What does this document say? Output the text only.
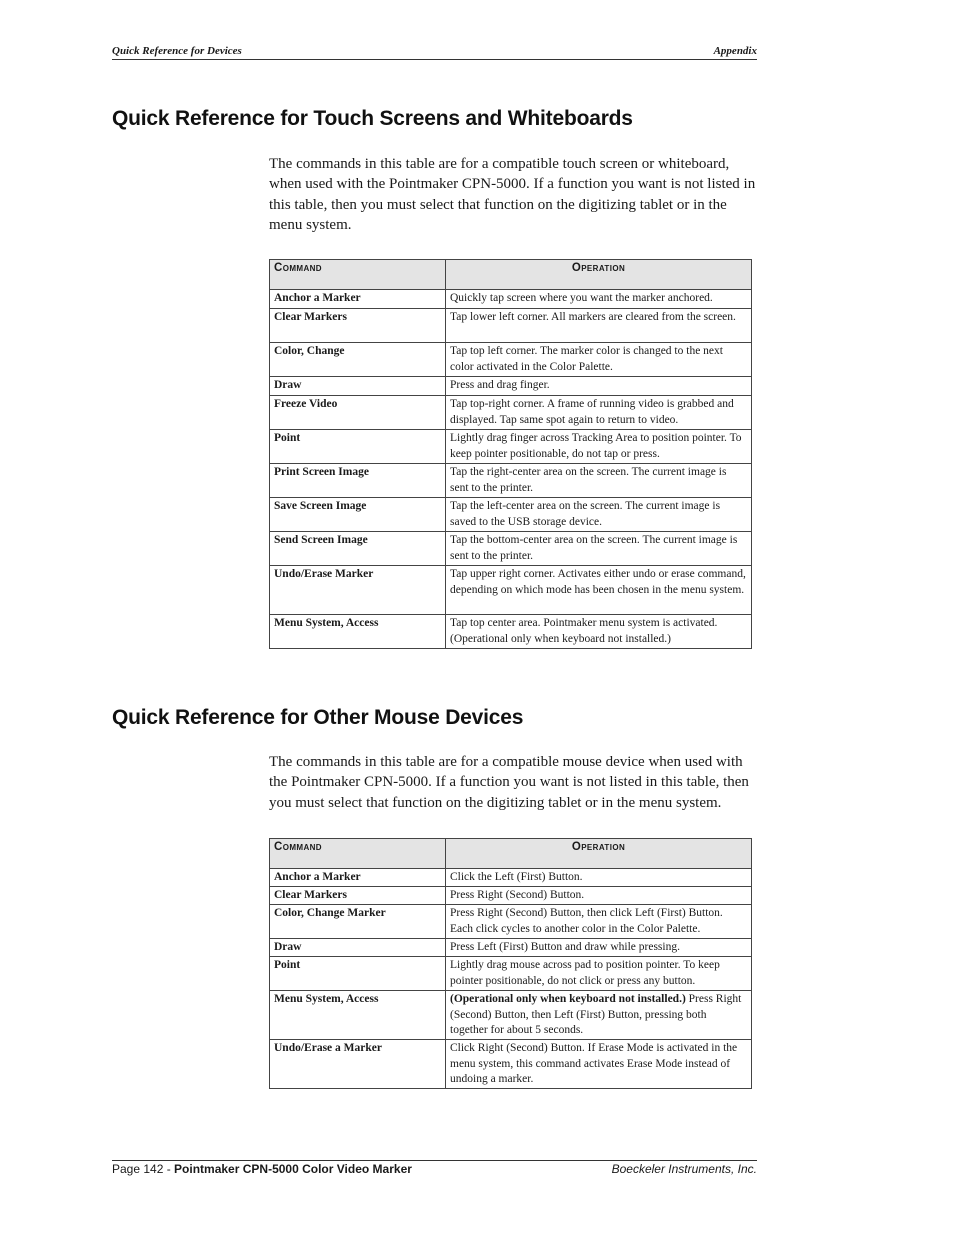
Quick Reference for Devices	Appendix
Quick Reference for Touch Screens and Whiteboards

The commands in this table are for a compatible touch screen or whiteboard, when used with the Pointmaker CPN-5000. If a function you want is not listed in this table, then you must select that function on the digitizing tablet or in the menu system.

Command	Operation
Anchor a Marker	Quickly tap screen where you want the marker anchored.
Clear Markers	Tap lower left corner. All markers are cleared from the screen.
Color, Change	Tap top left corner. The marker color is changed to the next color activated in the Color Palette.
Draw	Press and drag finger.
Freeze Video	Tap top-right corner. A frame of running video is grabbed and displayed. Tap same spot again to return to video.
Point	Lightly drag finger across Tracking Area to position pointer. To keep pointer positionable, do not tap or press.
Print Screen Image	Tap the right-center area on the screen. The current image is sent to the printer.
Save Screen Image	Tap the left-center area on the screen. The current image is saved to the USB storage device.
Send Screen Image	Tap the bottom-center area on the screen. The current image is sent to the printer.
Undo/Erase Marker	Tap upper right corner. Activates either undo or erase command, depending on which mode has been chosen in the menu system.
Menu System, Access	Tap top center area. Pointmaker menu system is activated. (Operational only when keyboard not installed.)
Quick Reference for Other Mouse Devices

The commands in this table are for a compatible mouse device when used with the Pointmaker CPN-5000. If a function you want is not listed in this table, then you must select that function on the digitizing tablet or in the menu system.

Command	Operation
Anchor a Marker	Click the Left (First) Button.
Clear Markers	Press Right (Second) Button.
Color, Change Marker	Press Right (Second) Button, then click Left (First) Button. Each click cycles to another color in the Color Palette.
Draw	Press Left (First) Button and draw while pressing.
Point	Lightly drag mouse across pad to position pointer. To keep pointer positionable, do not click or press any button.
Menu System, Access	(Operational only when keyboard not installed.) Press Right (Second) Button, then Left (First) Button, pressing both together for about 5 seconds.
Undo/Erase a Marker	Click Right (Second) Button. If Erase Mode is activated in the menu system, this command activates Erase Mode instead of undoing a marker.
Page 142 - Pointmaker CPN-5000 Color Video Marker	Boeckeler Instruments, Inc.
